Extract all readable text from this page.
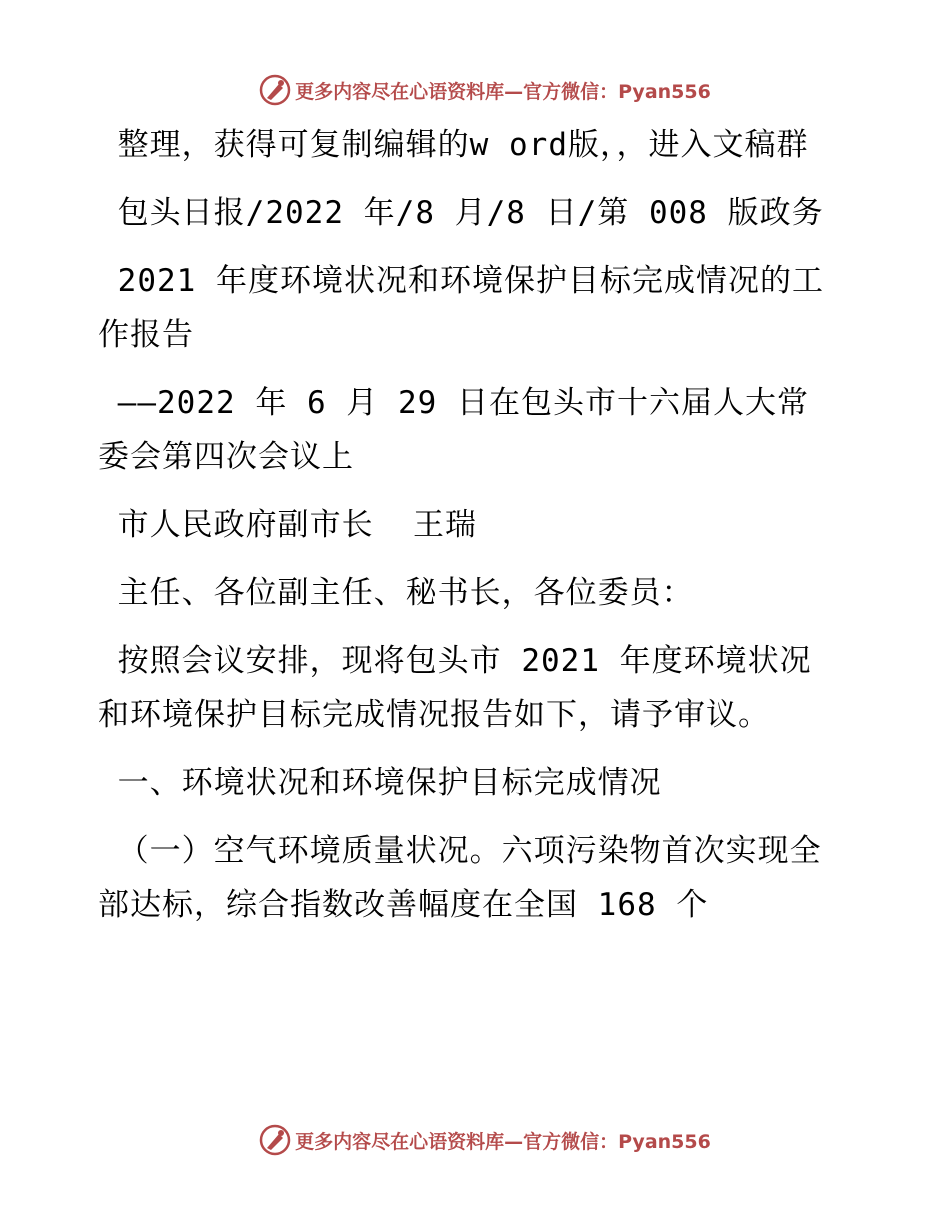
更多内容尽在心语资料库—官方微信：Pyan556

整理，获得可复制编辑的w ord版，，进入文稿群

包头日报/2022 年/8 月/8 日/第 008 版政务

2021 年度环境状况和环境保护目标完成情况的工作报告

——2022 年 6 月 29 日在包头市十六届人大常委会第四次会议上

市人民政府副市长  王瑞

主任、各位副主任、秘书长，各位委员：

按照会议安排，现将包头市 2021 年度环境状况和环境保护目标完成情况报告如下，请予审议。

一、环境状况和环境保护目标完成情况

（一）空气环境质量状况。六项污染物首次实现全部达标，综合指数改善幅度在全国 168 个

更多内容尽在心语资料库—官方微信：Pyan556
